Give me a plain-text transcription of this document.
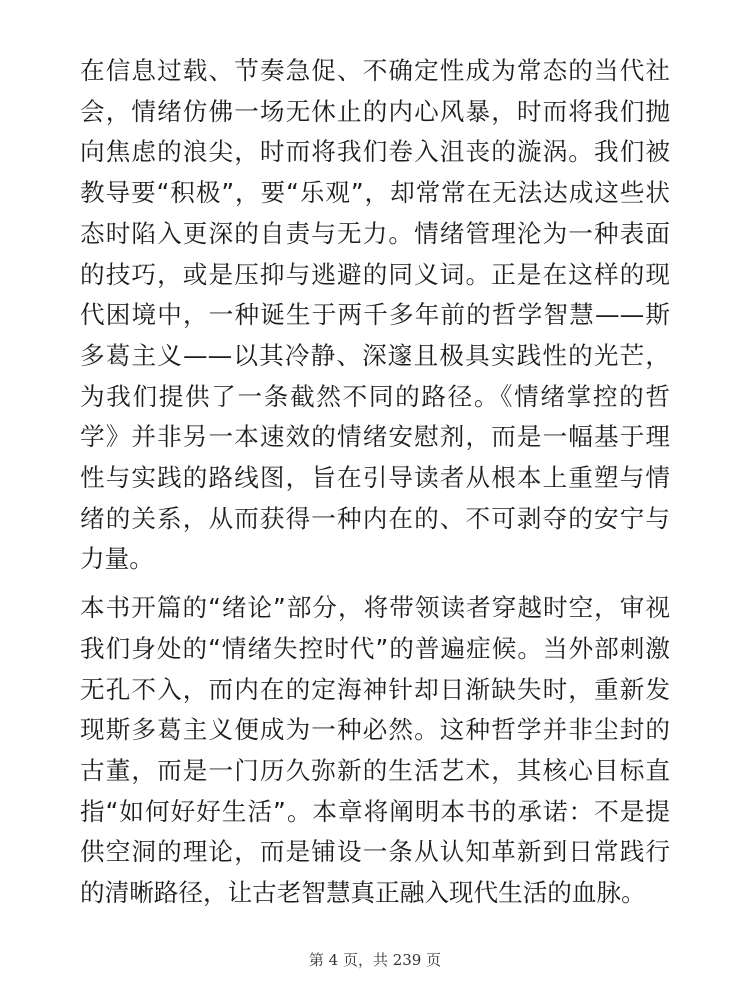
在信息过载、节奏急促、不确定性成为常态的当代社会，情绪仿佛一场无休止的内心风暴，时而将我们抛向焦虑的浪尖，时而将我们卷入沮丧的漩涡。我们被教导要“积极”，要“乐观”，却常常在无法达成这些状态时陷入更深的自责与无力。情绪管理沦为一种表面的技巧，或是压抑与逃避的同义词。正是在这样的现代困境中，一种诞生于两千多年前的哲学智慧——斯多葛主义——以其冷静、深邃且极具实践性的光芒，为我们提供了一条截然不同的路径。《情绪掌控的哲学》并非另一本速效的情绪安慰剂，而是一幅基于理性与实践的路线图，旨在引导读者从根本上重塑与情绪的关系，从而获得一种内在的、不可剥夺的安宁与力量。

本书开篇的“绪论”部分，将带领读者穿越时空，审视我们身处的“情绪失控时代”的普遍症候。当外部刺激无孔不入，而内在的定海神针却日渐缺失时，重新发现斯多葛主义便成为一种必然。这种哲学并非尘封的古董，而是一门历久弥新的生活艺术，其核心目标直指“如何好好生活”。本章将阐明本书的承诺：不是提供空洞的理论，而是铺设一条从认知革新到日常践行的清晰路径，让古老智慧真正融入现代生活的血脉。

第 4 页，共 239 页
